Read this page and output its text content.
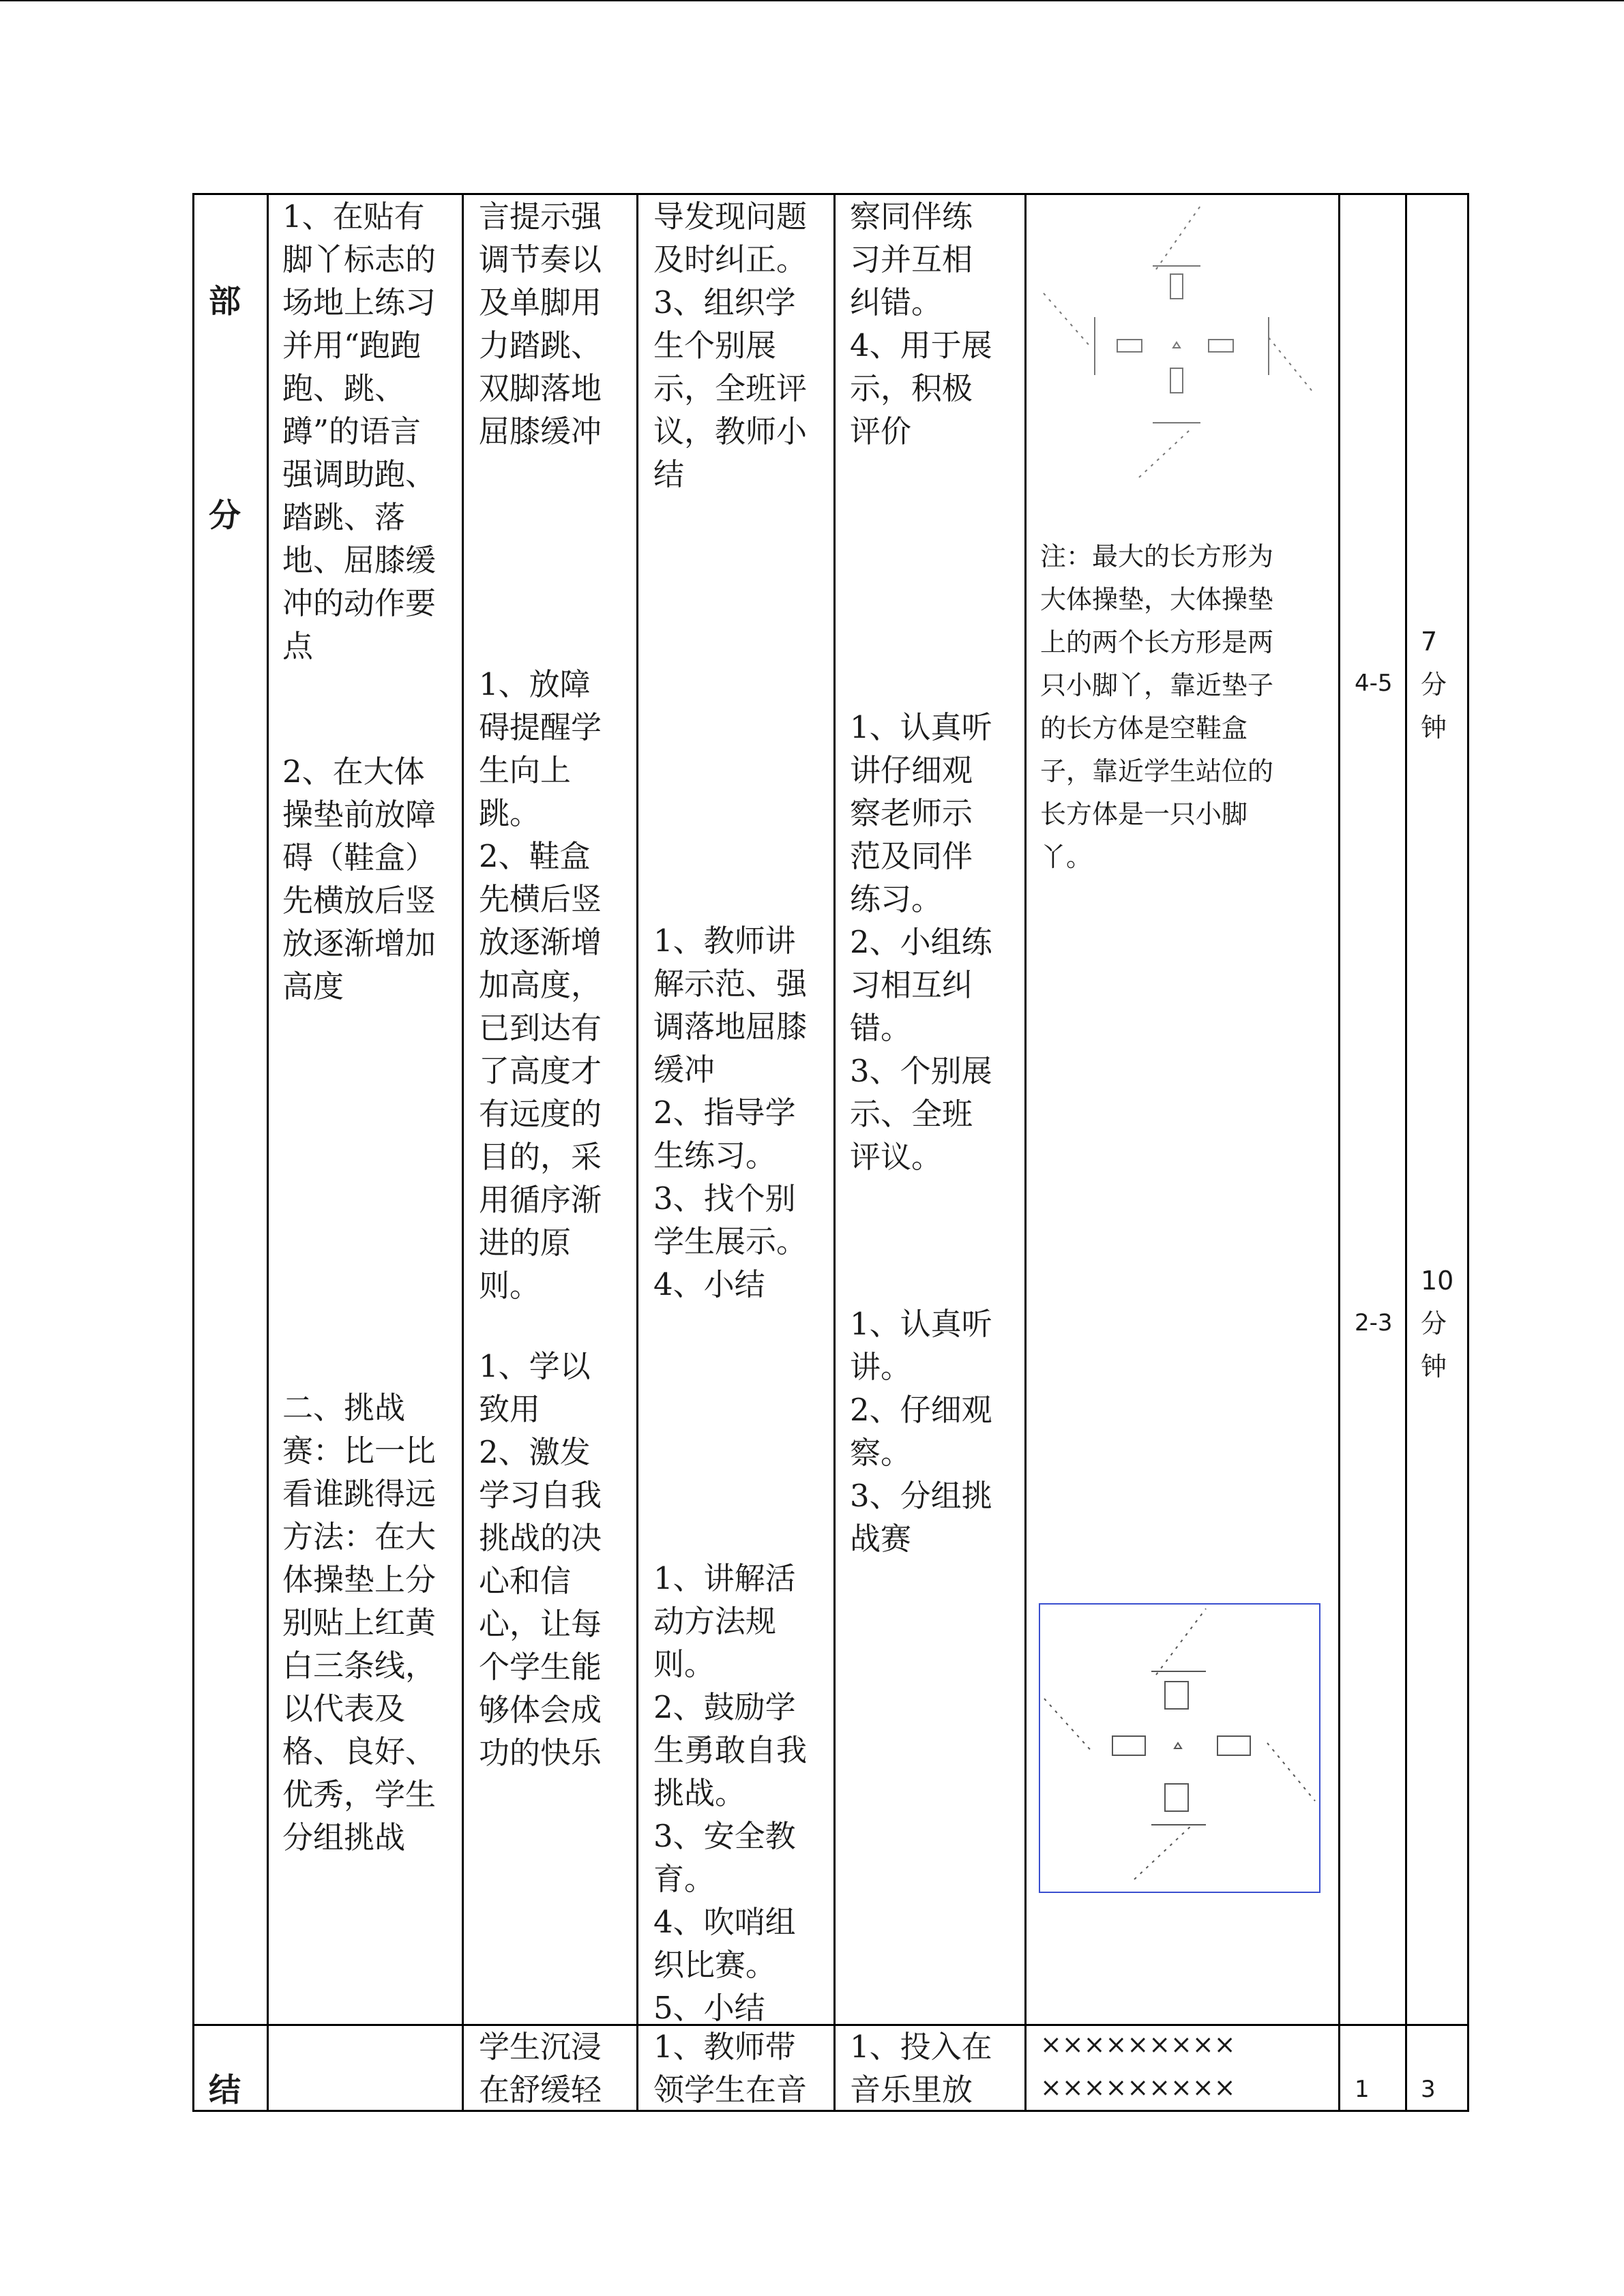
部
分
结
1、在贴有
脚丫标志的
场地上练习
并用“跑跑
跑、跳、
蹲”的语言
强调助跑、
踏跳、落
地、屈膝缓
冲的动作要
点
2、在大体
操垫前放障
碍（鞋盒）
先横放后竖
放逐渐增加
高度
二、挑战
赛：比一比
看谁跳得远
方法：在大
体操垫上分
别贴上红黄
白三条线，
以代表及
格、良好、
优秀，学生
分组挑战
言提示强
调节奏以
及单脚用
力踏跳、
双脚落地
屈膝缓冲
1、放障
碍提醒学
生向上
跳。
2、鞋盒
先横后竖
放逐渐增
加高度，
已到达有
了高度才
有远度的
目的，采
用循序渐
进的原
则。
1、学以
致用
2、激发
学习自我
挑战的决
心和信
心，让每
个学生能
够体会成
功的快乐
学生沉浸
在舒缓轻
导发现问题
及时纠正。
3、组织学
生个别展
示，全班评
议，教师小
结
1、教师讲
解示范、强
调落地屈膝
缓冲
2、指导学
生练习。
3、找个别
学生展示。
4、小结
1、讲解活
动方法规
则。
2、鼓励学
生勇敢自我
挑战。
3、安全教
育。
4、吹哨组
织比赛。
5、小结
1、教师带
领学生在音
察同伴练
习并互相
纠错。
4、用于展
示，积极
评价
1、认真听
讲仔细观
察老师示
范及同伴
练习。
2、小组练
习相互纠
错。
3、个别展
示、全班
评议。
1、认真听
讲。
2、仔细观
察。
3、分组挑
战赛
1、投入在
音乐里放
注：最大的长方形为
大体操垫，大体操垫
上的两个长方形是两
只小脚丫，靠近垫子
的长方体是空鞋盒
子，靠近学生站位的
长方体是一只小脚
丫。
×××××××××
×××××××××
4-5
2-3
1
7
分
钟
10
分
钟
3
